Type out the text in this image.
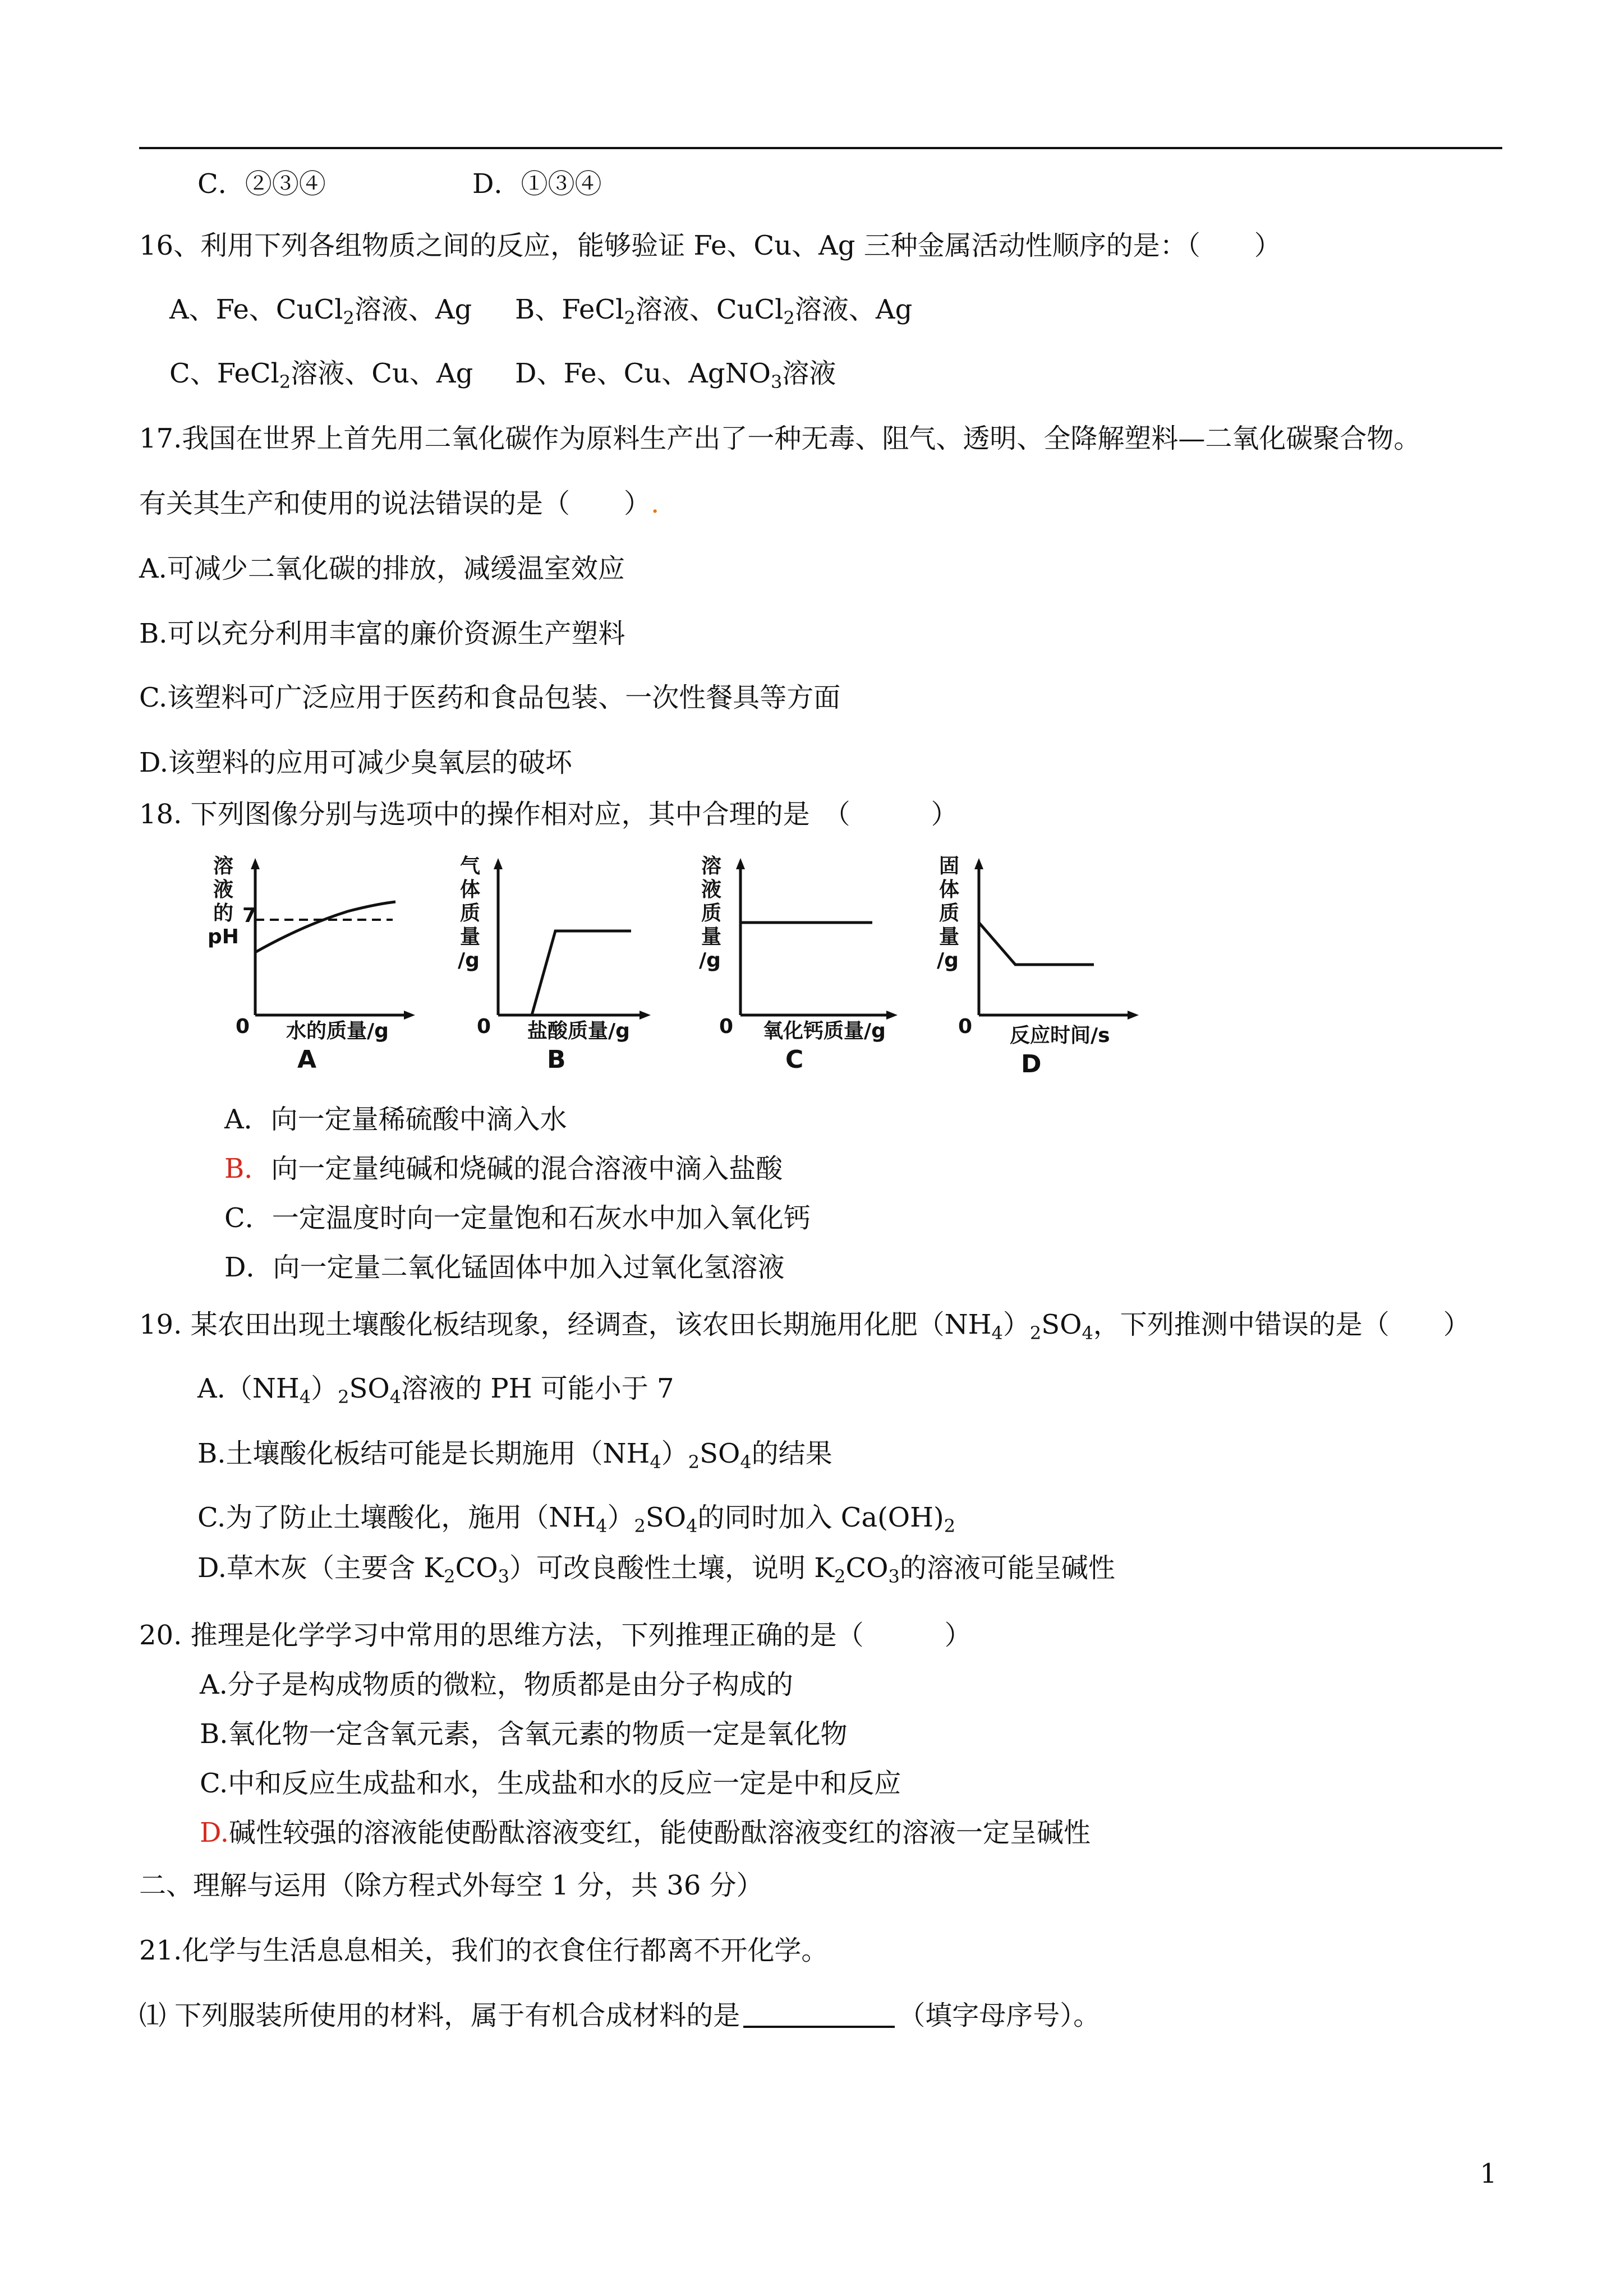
C．②③④	D．①③④
16、利用下列各组物质之间的反应，能够验证 Fe、Cu、Ag 三种金属活动性顺序的是：（　　）
A、Fe、CuCl$_2$溶液、Ag B、FeCl$_2$溶液、CuCl$_2$溶液、Ag
C、FeCl$_2$溶液、Cu、Ag D、Fe、Cu、AgNO$_3$溶液
17.我国在世界上首先用二氧化碳作为原料生产出了一种无毒、阻气、透明、全降解塑料—二氧化碳聚合物。
有关其生产和使用的说法错误的是（　　）.
A.可减少二氧化碳的排放，减缓温室效应
B.可以充分利用丰富的廉价资源生产塑料
C.该塑料可广泛应用于医药和食品包装、一次性餐具等方面
D.该塑料的应用可减少臭氧层的破坏
18. 下列图像分别与选项中的操作相对应，其中合理的是　（　　　）
溶
液
的
pH
7
0 水的质量/g
A
气
体
质
量
/g
0 盐酸质量/g
B
溶
液
质
量
/g
0 氧化钙质量/g
C
固
体
质
量
/g
0 反应时间/s
D
A．向一定量稀硫酸中滴入水
B．向一定量纯碱和烧碱的混合溶液中滴入盐酸
C．一定温度时向一定量饱和石灰水中加入氧化钙
D．向一定量二氧化锰固体中加入过氧化氢溶液
19. 某农田出现土壤酸化板结现象，经调查，该农田长期施用化肥$(NH_4)_2SO_4$，下列推测中错误的是（　　）
$A.(NH_4)_2SO_4$溶液的 PH 可能小于 7
B.土壤酸化板结可能是长期施用$(NH_4)_2SO_4$的结果
C.为了防止土壤酸化，施用$(NH_4)_2SO_4$的同时加入 $Ca(OH)_2$
D.草木灰（主要含 $K_2CO_3$）可改良酸性土壤，说明 $K_2CO_3$的溶液可能呈碱性
20. 推理是化学学习中常用的思维方法，下列推理正确的是（　　　）
A.分子是构成物质的微粒，物质都是由分子构成的
B.氧化物一定含氧元素，含氧元素的物质一定是氧化物
C.中和反应生成盐和水，生成盐和水的反应一定是中和反应
D.碱性较强的溶液能使酚酞溶液变红，能使酚酞溶液变红的溶液一定呈碱性
二、理解与运用（除方程式外每空 1 分，共 36 分）
21.化学与生活息息相关，我们的衣食住行都离不开化学。
⑴ 下列服装所使用的材料，属于有机合成材料的是	（填字母序号）。
1
